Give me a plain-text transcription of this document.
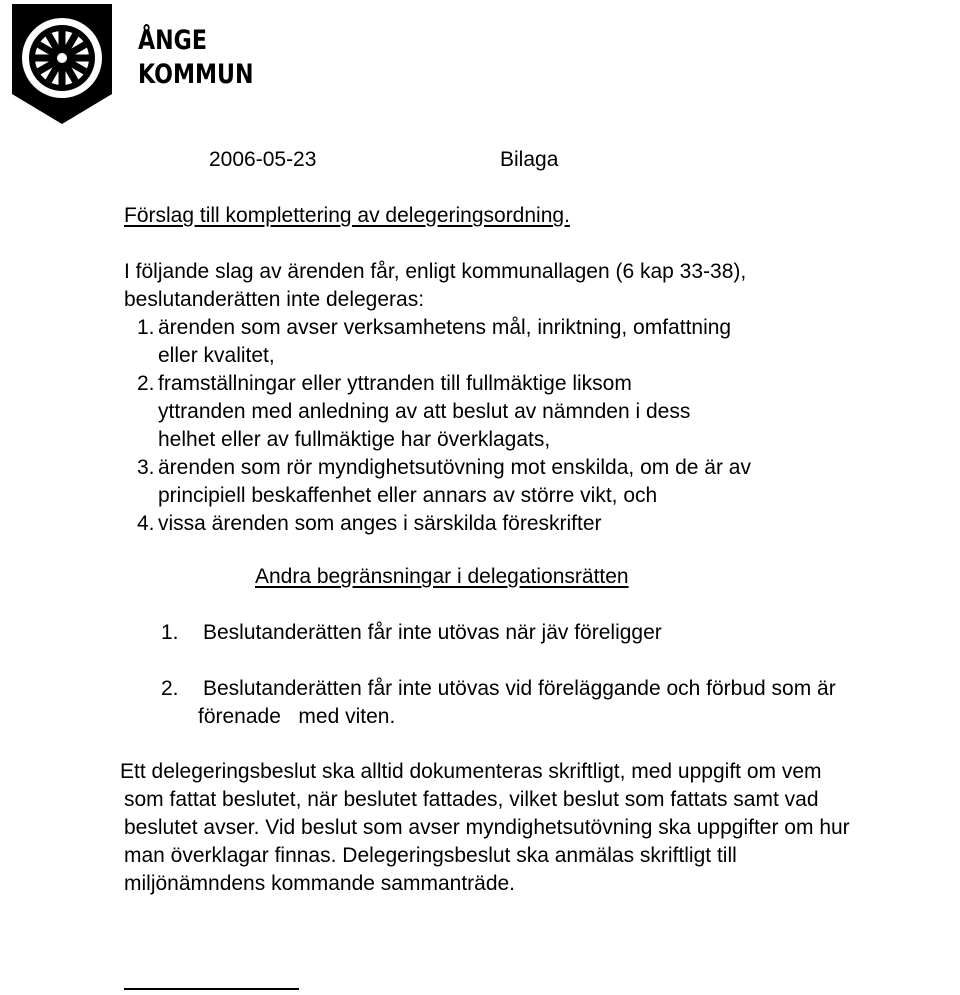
ÅNGE
KOMMUN
2006-05-23	Bilaga
Förslag till komplettering av delegeringsordning.
I följande slag av ärenden får, enligt kommunallagen (6 kap 33-38),
beslutanderätten inte delegeras:
1. ärenden som avser verksamhetens mål, inriktning, omfattning
eller kvalitet,
2. framställningar eller yttranden till fullmäktige liksom
yttranden med anledning av att beslut av nämnden i dess
helhet eller av fullmäktige har överklagats,
3. ärenden som rör myndighetsutövning mot enskilda, om de är av
principiell beskaffenhet eller annars av större vikt, och
4. vissa ärenden som anges i särskilda föreskrifter
Andra begränsningar i delegationsrätten
1. Beslutanderätten får inte utövas när jäv föreligger
2. Beslutanderätten får inte utövas vid föreläggande och förbud som är
förenade   med viten.
Ett delegeringsbeslut ska alltid dokumenteras skriftligt, med uppgift om vem
som fattat beslutet, när beslutet fattades, vilket beslut som fattats samt vad
beslutet avser. Vid beslut som avser myndighetsutövning ska uppgifter om hur
man överklagar finnas. Delegeringsbeslut ska anmälas skriftligt till
miljönämndens kommande sammanträde.
